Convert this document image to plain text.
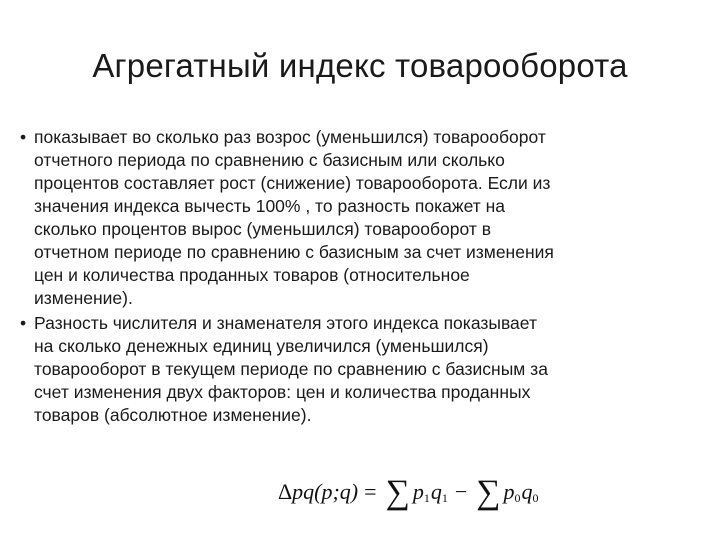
Агрегатный индекс товарооборота
• показывает во сколько раз возрос (уменьшился) товарооборот
отчетного периода по сравнению с базисным или сколько
процентов составляет рост (снижение) товарооборота. Если из
значения индекса вычесть 100% , то разность покажет на
сколько процентов вырос (уменьшился) товарооборот в
отчетном периоде по сравнению с базисным за счет изменения
цен и количества проданных товаров (относительное
изменение).
• Разность числителя и знаменателя этого индекса показывает
на сколько денежных единиц увеличился (уменьшился)
товарооборот в текущем периоде по сравнению с базисным за
счет изменения двух факторов: цен и количества проданных
товаров (абсолютное изменение).
Δ pq(p;q) = ∑ p 1 q 1 − ∑ p 0 q 0
